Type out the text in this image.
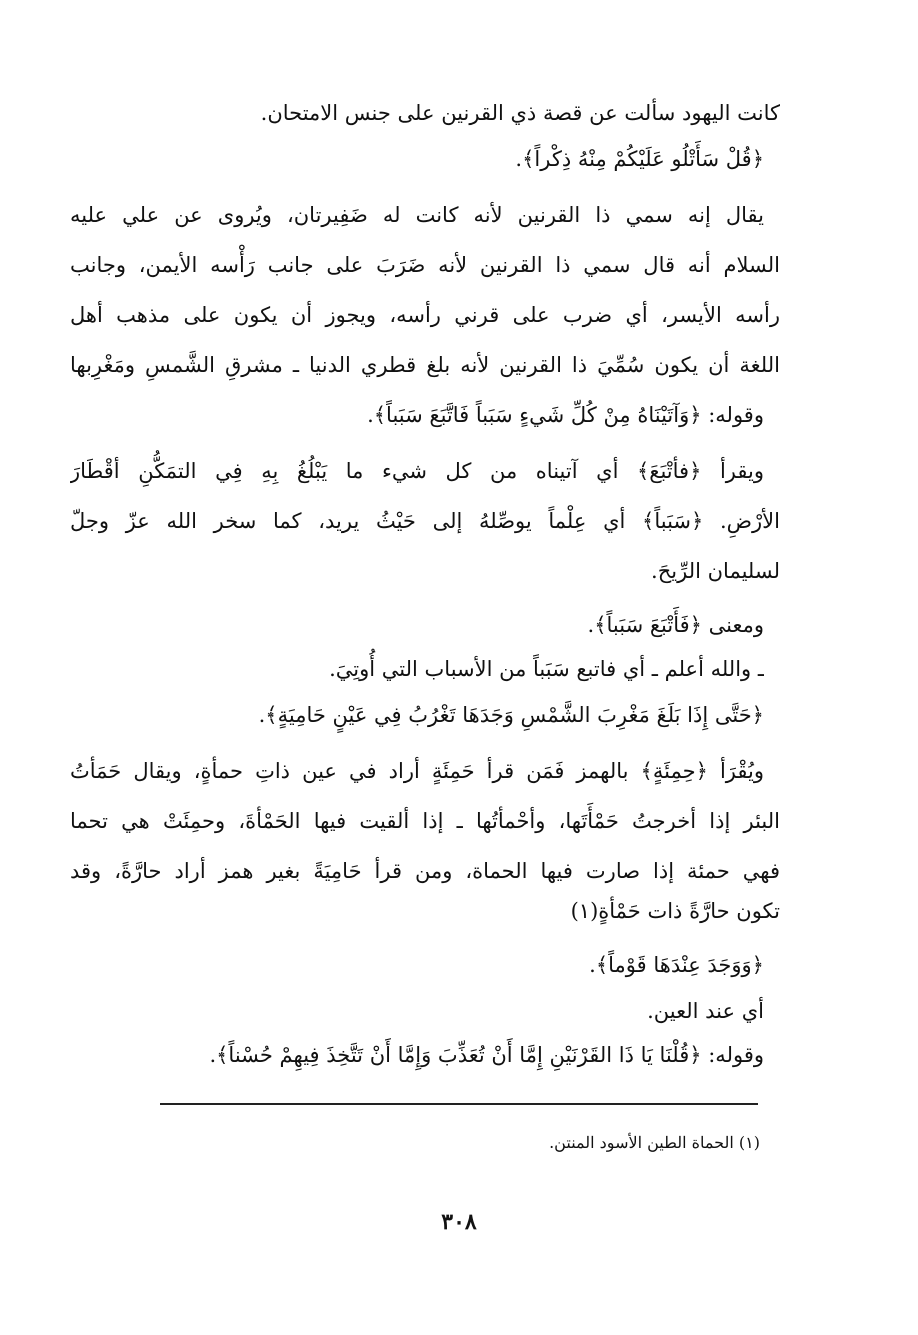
كانت اليهود سألت عن قصة ذي القرنين على جنس الامتحان.
﴿قُلْ سَأَتْلُو عَلَيْكُمْ مِنْهُ ذِكْراً﴾.
يقال إنه سمي ذا القرنين لأنه كانت له ضَفِيرتان، ويُروى عن علي عليه
السلام أنه قال سمي ذا القرنين لأنه ضَرَبَ على جانب رَأْسه الأيمن، وجانب
رأسه الأيسر، أي ضرب على قرني رأسه، ويجوز أن يكون على مذهب أهل
اللغة أن يكون سُمِّيَ ذا القرنين لأنه بلغ قطري الدنيا ـ مشرقِ الشَّمسِ ومَغْرِبها
وقوله: ﴿وَآتَيْنَاهُ مِنْ كُلِّ شَيءٍ سَبَباً فَاتَّبَعَ سَبَباً﴾.
ويقرأ ﴿فأتْبَعَ﴾ أي آتيناه من كل شيء ما يَبْلُغُ بِهِ فِي التمَكُّنِ أقْطَارَ
الأرْضِ. ﴿سَبَباً﴾ أي عِلْماً يوصِّلهُ إلى حَيْثُ يريد، كما سخر الله عزّ وجلّ
لسليمان الرِّيحَ.
ومعنى ﴿فَأَتْبَعَ سَبَباً﴾.
ـ والله أعلم ـ أي فاتبع سَبَباً من الأسباب التي أُوتِيَ.
﴿حَتَّى إِذَا بَلَغَ مَغْرِبَ الشَّمْسِ وَجَدَهَا تَغْرُبُ فِي عَيْنٍ حَامِيَةٍ﴾.
ويُقْرَأ ﴿حِمِئَةٍ﴾ بالهمز فَمَن قرأ حَمِئَةٍ أراد في عين ذاتِ حمأةٍ، ويقال حَمَأتُ
البئر إذا أخرجتُ حَمْأَتَها، وأحْمأتُها ـ إذا ألقيت فيها الحَمْأةَ، وحمِئَتْ هي تحما
فهي حمئة إذا صارت فيها الحماة، ومن قرأ حَامِيَةً بغير همز أراد حارَّةً، وقد
تكون حارَّةً ذات حَمْأةٍ(١)
﴿وَوَجَدَ عِنْدَهَا قَوْماً﴾.
أي عند العين.
وقوله: ﴿قُلْنَا يَا ذَا القَرْنَيْنِ إِمَّا أَنْ تُعَذِّبَ وَإِمَّا أَنْ تَتَّخِذَ فِيهِمْ حُسْناً﴾.
(١) الحماة الطين الأسود المنتن.
٣٠٨
